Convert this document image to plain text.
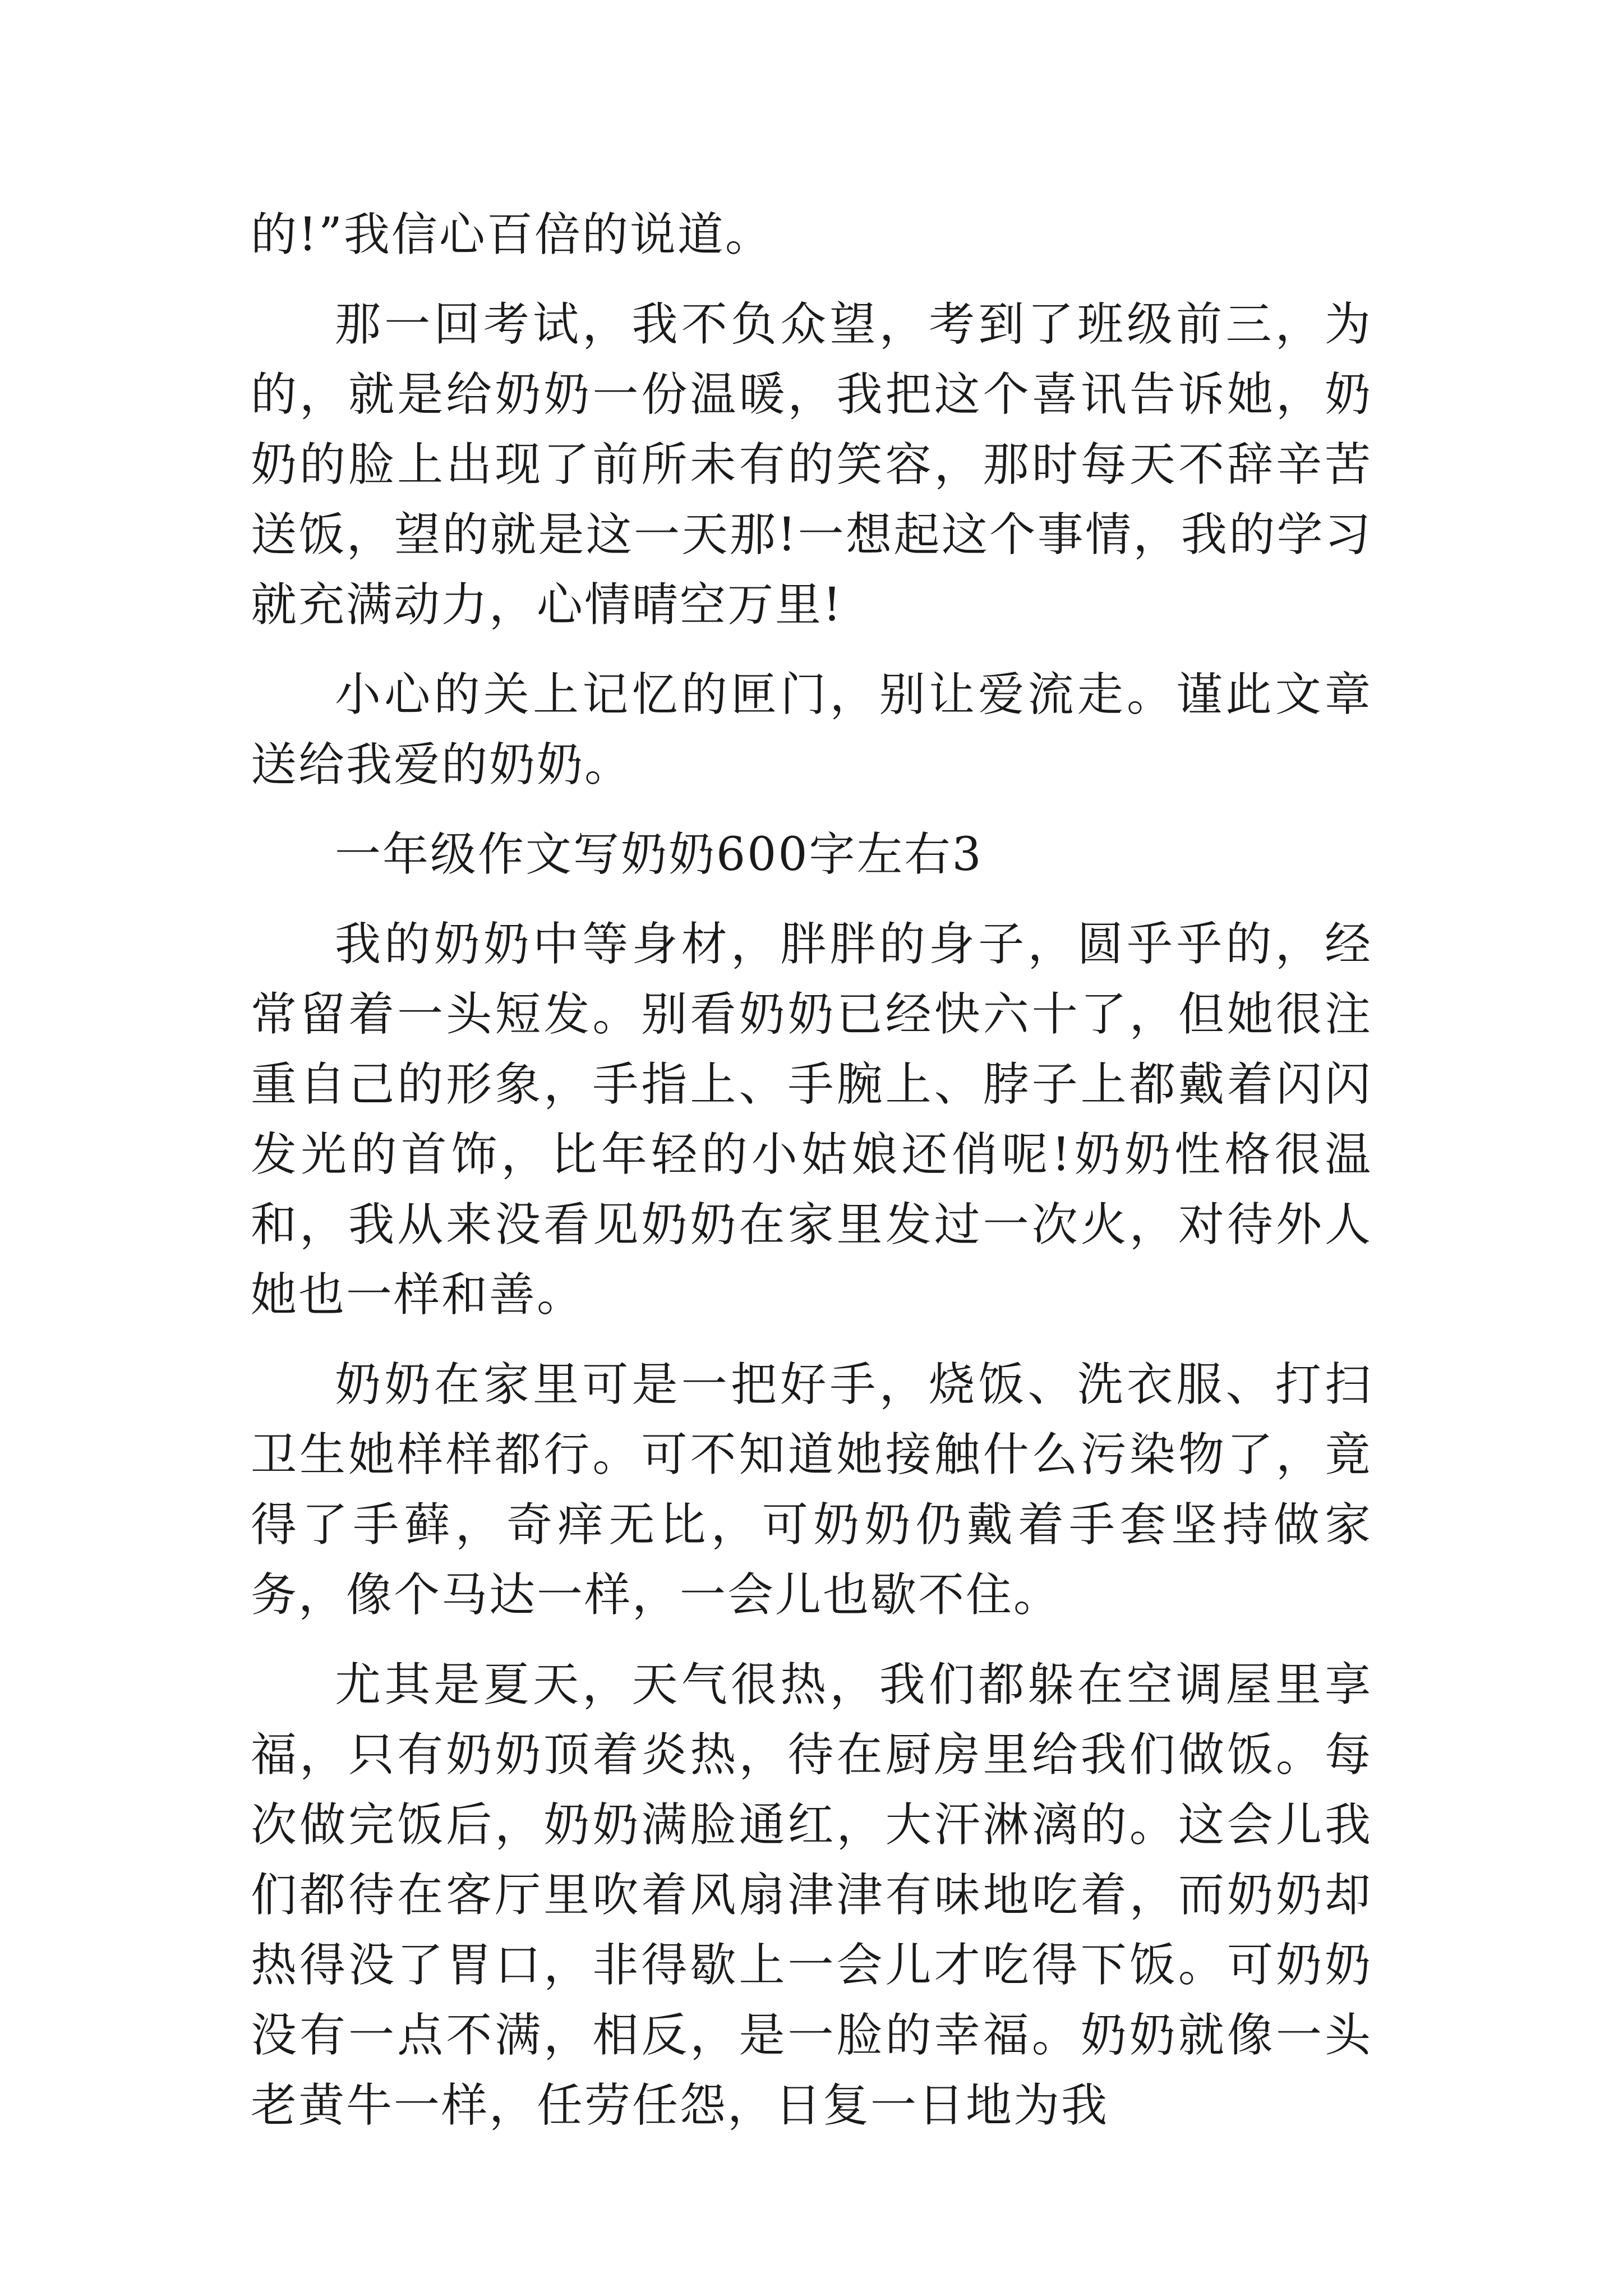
的!”我信心百倍的说道。

那一回考试，我不负众望，考到了班级前三，为的，就是给奶奶一份温暖，我把这个喜讯告诉她，奶奶的脸上出现了前所未有的笑容，那时每天不辞辛苦送饭，望的就是这一天那!一想起这个事情，我的学习就充满动力，心情晴空万里!

小心的关上记忆的匣门，别让爱流走。谨此文章送给我爱的奶奶。

一年级作文写奶奶600字左右3

我的奶奶中等身材，胖胖的身子，圆乎乎的，经常留着一头短发。别看奶奶已经快六十了，但她很注重自己的形象，手指上、手腕上、脖子上都戴着闪闪发光的首饰，比年轻的小姑娘还俏呢!奶奶性格很温和，我从来没看见奶奶在家里发过一次火，对待外人她也一样和善。

奶奶在家里可是一把好手，烧饭、洗衣服、打扫卫生她样样都行。可不知道她接触什么污染物了，竟得了手藓，奇痒无比，可奶奶仍戴着手套坚持做家务，像个马达一样，一会儿也歇不住。

尤其是夏天，天气很热，我们都躲在空调屋里享福，只有奶奶顶着炎热，待在厨房里给我们做饭。每次做完饭后，奶奶满脸通红，大汗淋漓的。这会儿我们都待在客厅里吹着风扇津津有味地吃着，而奶奶却热得没了胃口，非得歇上一会儿才吃得下饭。可奶奶没有一点不满，相反，是一脸的幸福。奶奶就像一头老黄牛一样，任劳任怨，日复一日地为我
